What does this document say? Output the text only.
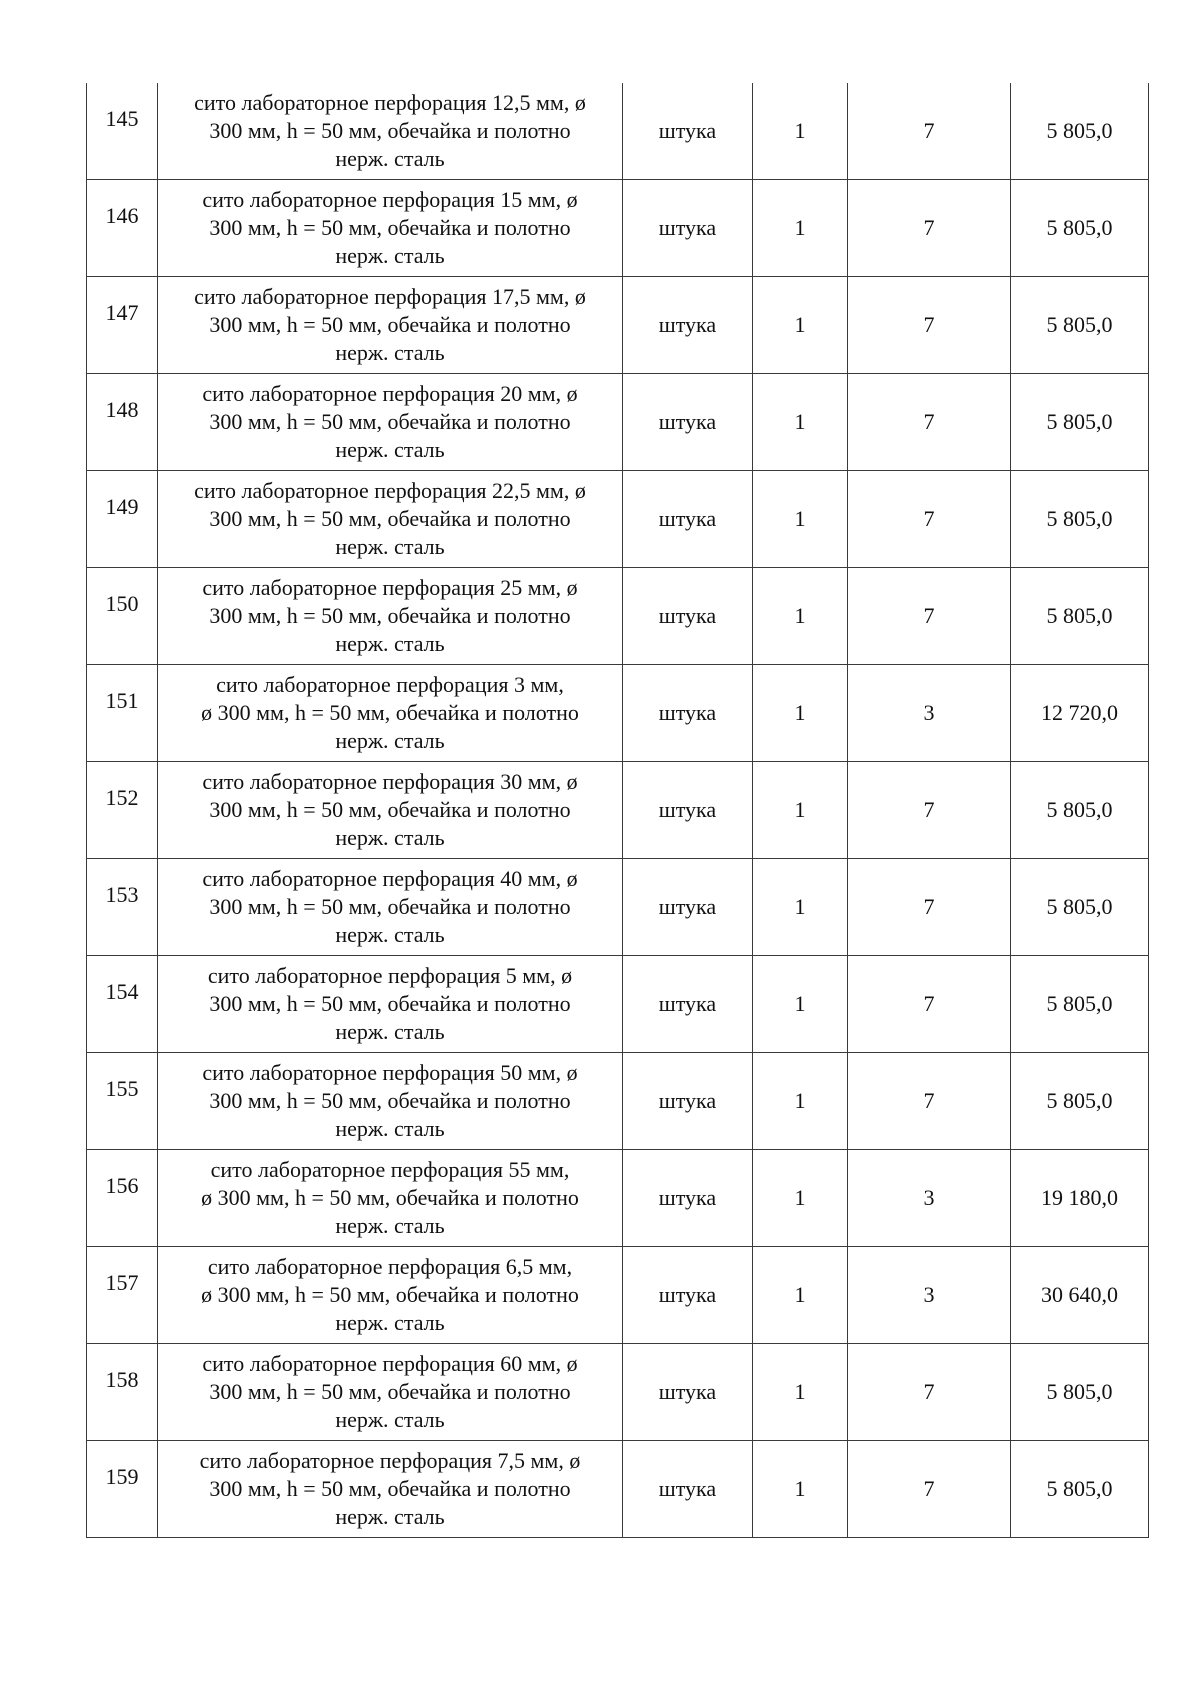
145	сито лабораторное перфорация 12,5 мм, ø
300 мм, h = 50 мм, обечайка и полотно
нерж. сталь	штука	1	7	5 805,0
146	сито лабораторное перфорация 15 мм, ø
300 мм, h = 50 мм, обечайка и полотно
нерж. сталь	штука	1	7	5 805,0
147	сито лабораторное перфорация 17,5 мм, ø
300 мм, h = 50 мм, обечайка и полотно
нерж. сталь	штука	1	7	5 805,0
148	сито лабораторное перфорация 20 мм, ø
300 мм, h = 50 мм, обечайка и полотно
нерж. сталь	штука	1	7	5 805,0
149	сито лабораторное перфорация 22,5 мм, ø
300 мм, h = 50 мм, обечайка и полотно
нерж. сталь	штука	1	7	5 805,0
150	сито лабораторное перфорация 25 мм, ø
300 мм, h = 50 мм, обечайка и полотно
нерж. сталь	штука	1	7	5 805,0
151	сито лабораторное перфорация 3 мм,
ø 300 мм, h = 50 мм, обечайка и полотно
нерж. сталь	штука	1	3	12 720,0
152	сито лабораторное перфорация 30 мм, ø
300 мм, h = 50 мм, обечайка и полотно
нерж. сталь	штука	1	7	5 805,0
153	сито лабораторное перфорация 40 мм, ø
300 мм, h = 50 мм, обечайка и полотно
нерж. сталь	штука	1	7	5 805,0
154	сито лабораторное перфорация 5 мм, ø
300 мм, h = 50 мм, обечайка и полотно
нерж. сталь	штука	1	7	5 805,0
155	сито лабораторное перфорация 50 мм, ø
300 мм, h = 50 мм, обечайка и полотно
нерж. сталь	штука	1	7	5 805,0
156	сито лабораторное перфорация 55 мм,
ø 300 мм, h = 50 мм, обечайка и полотно
нерж. сталь	штука	1	3	19 180,0
157	сито лабораторное перфорация 6,5 мм,
ø 300 мм, h = 50 мм, обечайка и полотно
нерж. сталь	штука	1	3	30 640,0
158	сито лабораторное перфорация 60 мм, ø
300 мм, h = 50 мм, обечайка и полотно
нерж. сталь	штука	1	7	5 805,0
159	сито лабораторное перфорация 7,5 мм, ø
300 мм, h = 50 мм, обечайка и полотно
нерж. сталь	штука	1	7	5 805,0
